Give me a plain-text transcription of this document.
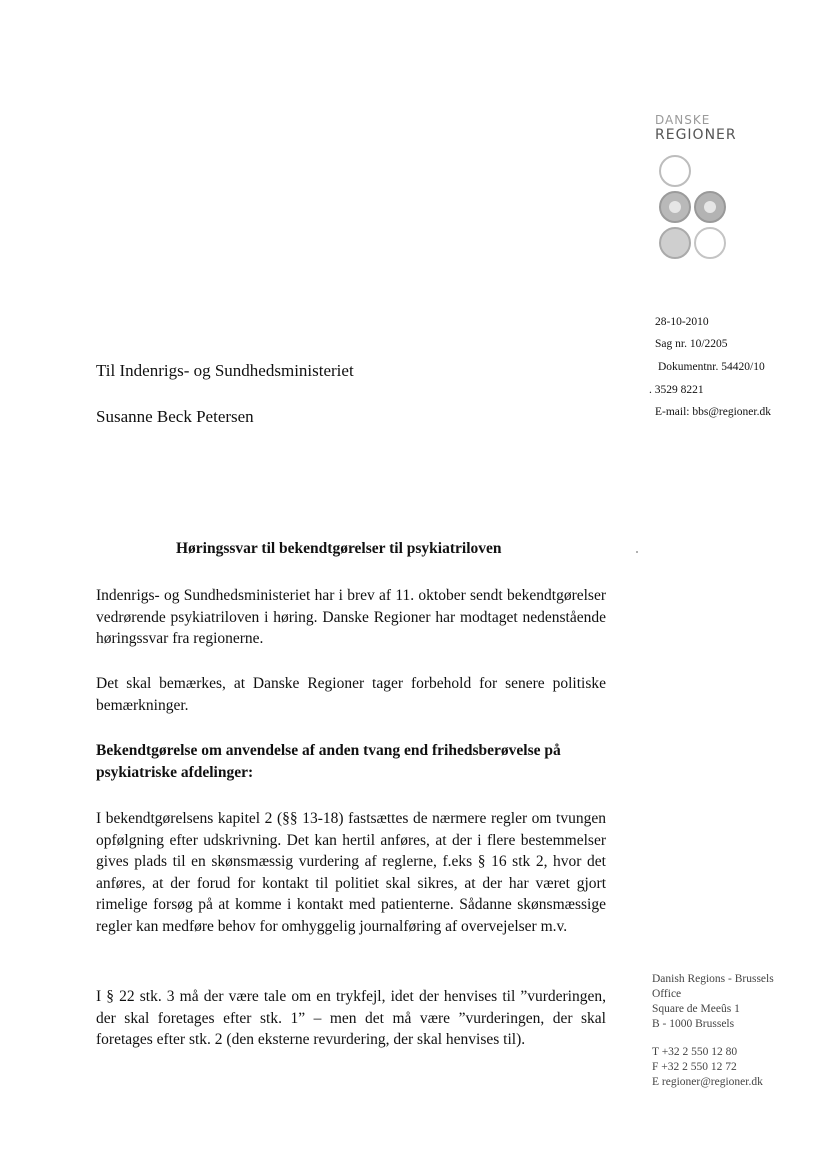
DANSKE
REGIONER
28-10-2010
Sag nr. 10/2205
Dokumentnr. 54420/10
. 3529 8221
E-mail: bbs@regioner.dk
Til Indenrigs- og Sundhedsministeriet
Susanne Beck Petersen
Høringssvar til bekendtgørelser til psykiatriloven
Indenrigs- og Sundhedsministeriet har i brev af 11. oktober sendt bekendtgørelser vedrørende psykiatriloven i høring. Danske Regioner har modtaget nedenstående høringssvar fra regionerne.
Det skal bemærkes, at Danske Regioner tager forbehold for senere politiske bemærkninger.
Bekendtgørelse om anvendelse af anden tvang end frihedsberøvelse på psykiatriske afdelinger:
I bekendtgørelsens kapitel 2 (§§ 13-18) fastsættes de nærmere regler om tvungen opfølgning efter udskrivning. Det kan hertil anføres, at der i flere bestemmelser gives plads til en skønsmæssig vurdering af reglerne, f.eks § 16 stk 2, hvor det anføres, at der forud for kontakt til politiet skal sikres, at der har været gjort rimelige forsøg på at komme i kontakt med patienterne. Sådanne skønsmæssige regler kan medføre behov for omhyggelig journalføring af overvejelser m.v.
I § 22 stk. 3 må der være tale om en trykfejl, idet der henvises til ”vurderingen, der skal foretages efter stk. 1” – men det må være ”vurderingen, der skal foretages efter stk. 2 (den eksterne revurdering, der skal henvises til).
Danish Regions - Brussels
Office
Square de Meeûs 1
B - 1000 Brussels
T +32 2 550 12 80
F +32 2 550 12 72
E regioner@regioner.dk
